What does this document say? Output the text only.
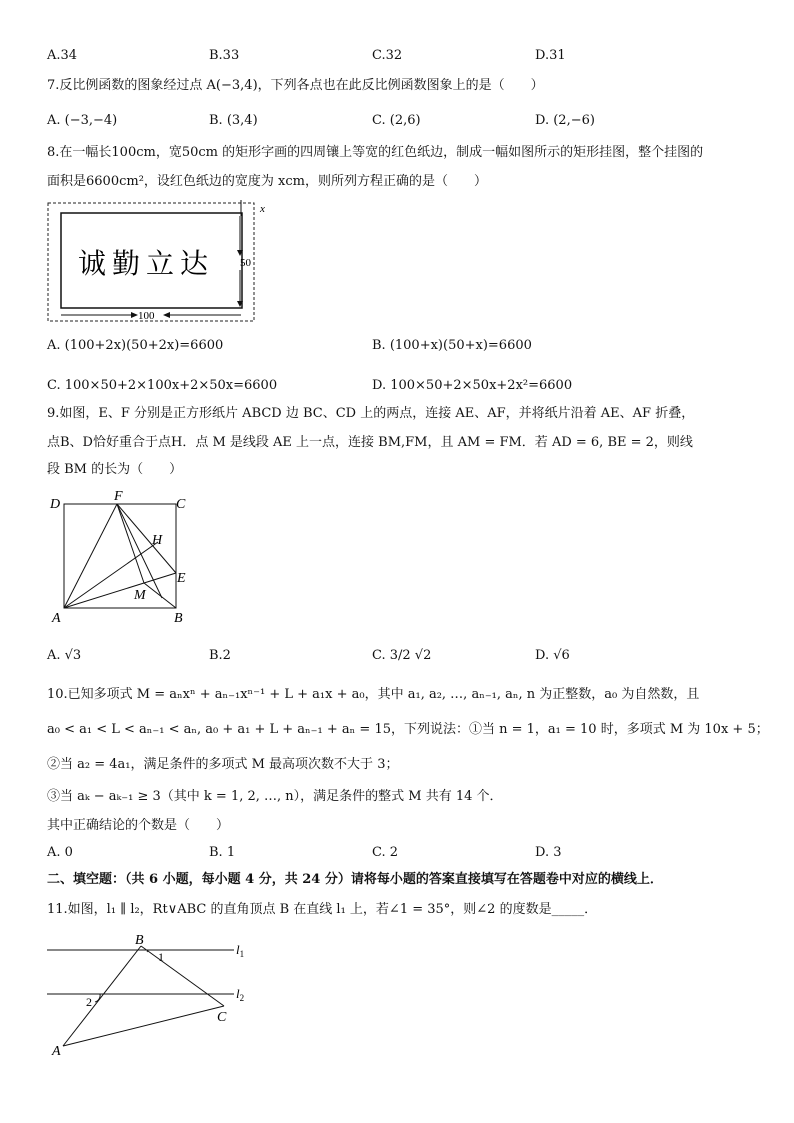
A.34	B.33	C.32	D.31
7.反比例函数的图象经过点 A(−3,4)，下列各点也在此反比例函数图象上的是（　　）
A. (−3,−4)	B. (3,4)	C. (2,6)	D. (2,−6)
8.在一幅长100cm，宽50cm 的矩形字画的四周镶上等宽的红色纸边，制成一幅如图所示的矩形挂图，整个挂图的
面积是6600cm²，设红色纸边的宽度为 xcm，则所列方程正确的是（　　）
诚勤立达
x
50
100
A. (100+2x)(50+2x)=6600	B. (100+x)(50+x)=6600
C. 100×50+2×100x+2×50x=6600	D. 100×50+2×50x+2x²=6600
9.如图，E、F 分别是正方形纸片 ABCD 边 BC、CD 上的两点，连接 AE、AF，并将纸片沿着 AE、AF 折叠，
点B、D恰好重合于点H．点 M 是线段 AE 上一点，连接 BM,FM，且 AM = FM．若 AD = 6, BE = 2，则线
段 BM 的长为（　　）
D
F
C
H
E
M
A	B
A. √3	B.2	C. 3/2 √2	D. √6
10.已知多项式 M = aₙxⁿ + aₙ₋₁xⁿ⁻¹ + L + a₁x + a₀，其中 a₁, a₂, …, aₙ₋₁, aₙ, n 为正整数，a₀ 为自然数，且
a₀ < a₁ < L < aₙ₋₁ < aₙ, a₀ + a₁ + L + aₙ₋₁ + aₙ = 15，下列说法：①当 n = 1，a₁ = 10 时，多项式 M 为 10x + 5；
②当 a₂ = 4a₁，满足条件的多项式 M 最高项次数不大于 3；
③当 aₖ − aₖ₋₁ ≥ 3（其中 k = 1, 2, …, n），满足条件的整式 M 共有 14 个．
其中正确结论的个数是（　　）
A. 0	B. 1	C. 2	D. 3
二、填空题：（共 6 小题，每小题 4 分，共 24 分）请将每小题的答案直接填写在答题卷中对应的横线上．
11.如图，l₁ ∥ l₂，Rt∨ABC 的直角顶点 B 在直线 l₁ 上，若∠1 = 35°，则∠2 的度数是_____．
B
1	$l_1$
2
$l_2$
C
A
